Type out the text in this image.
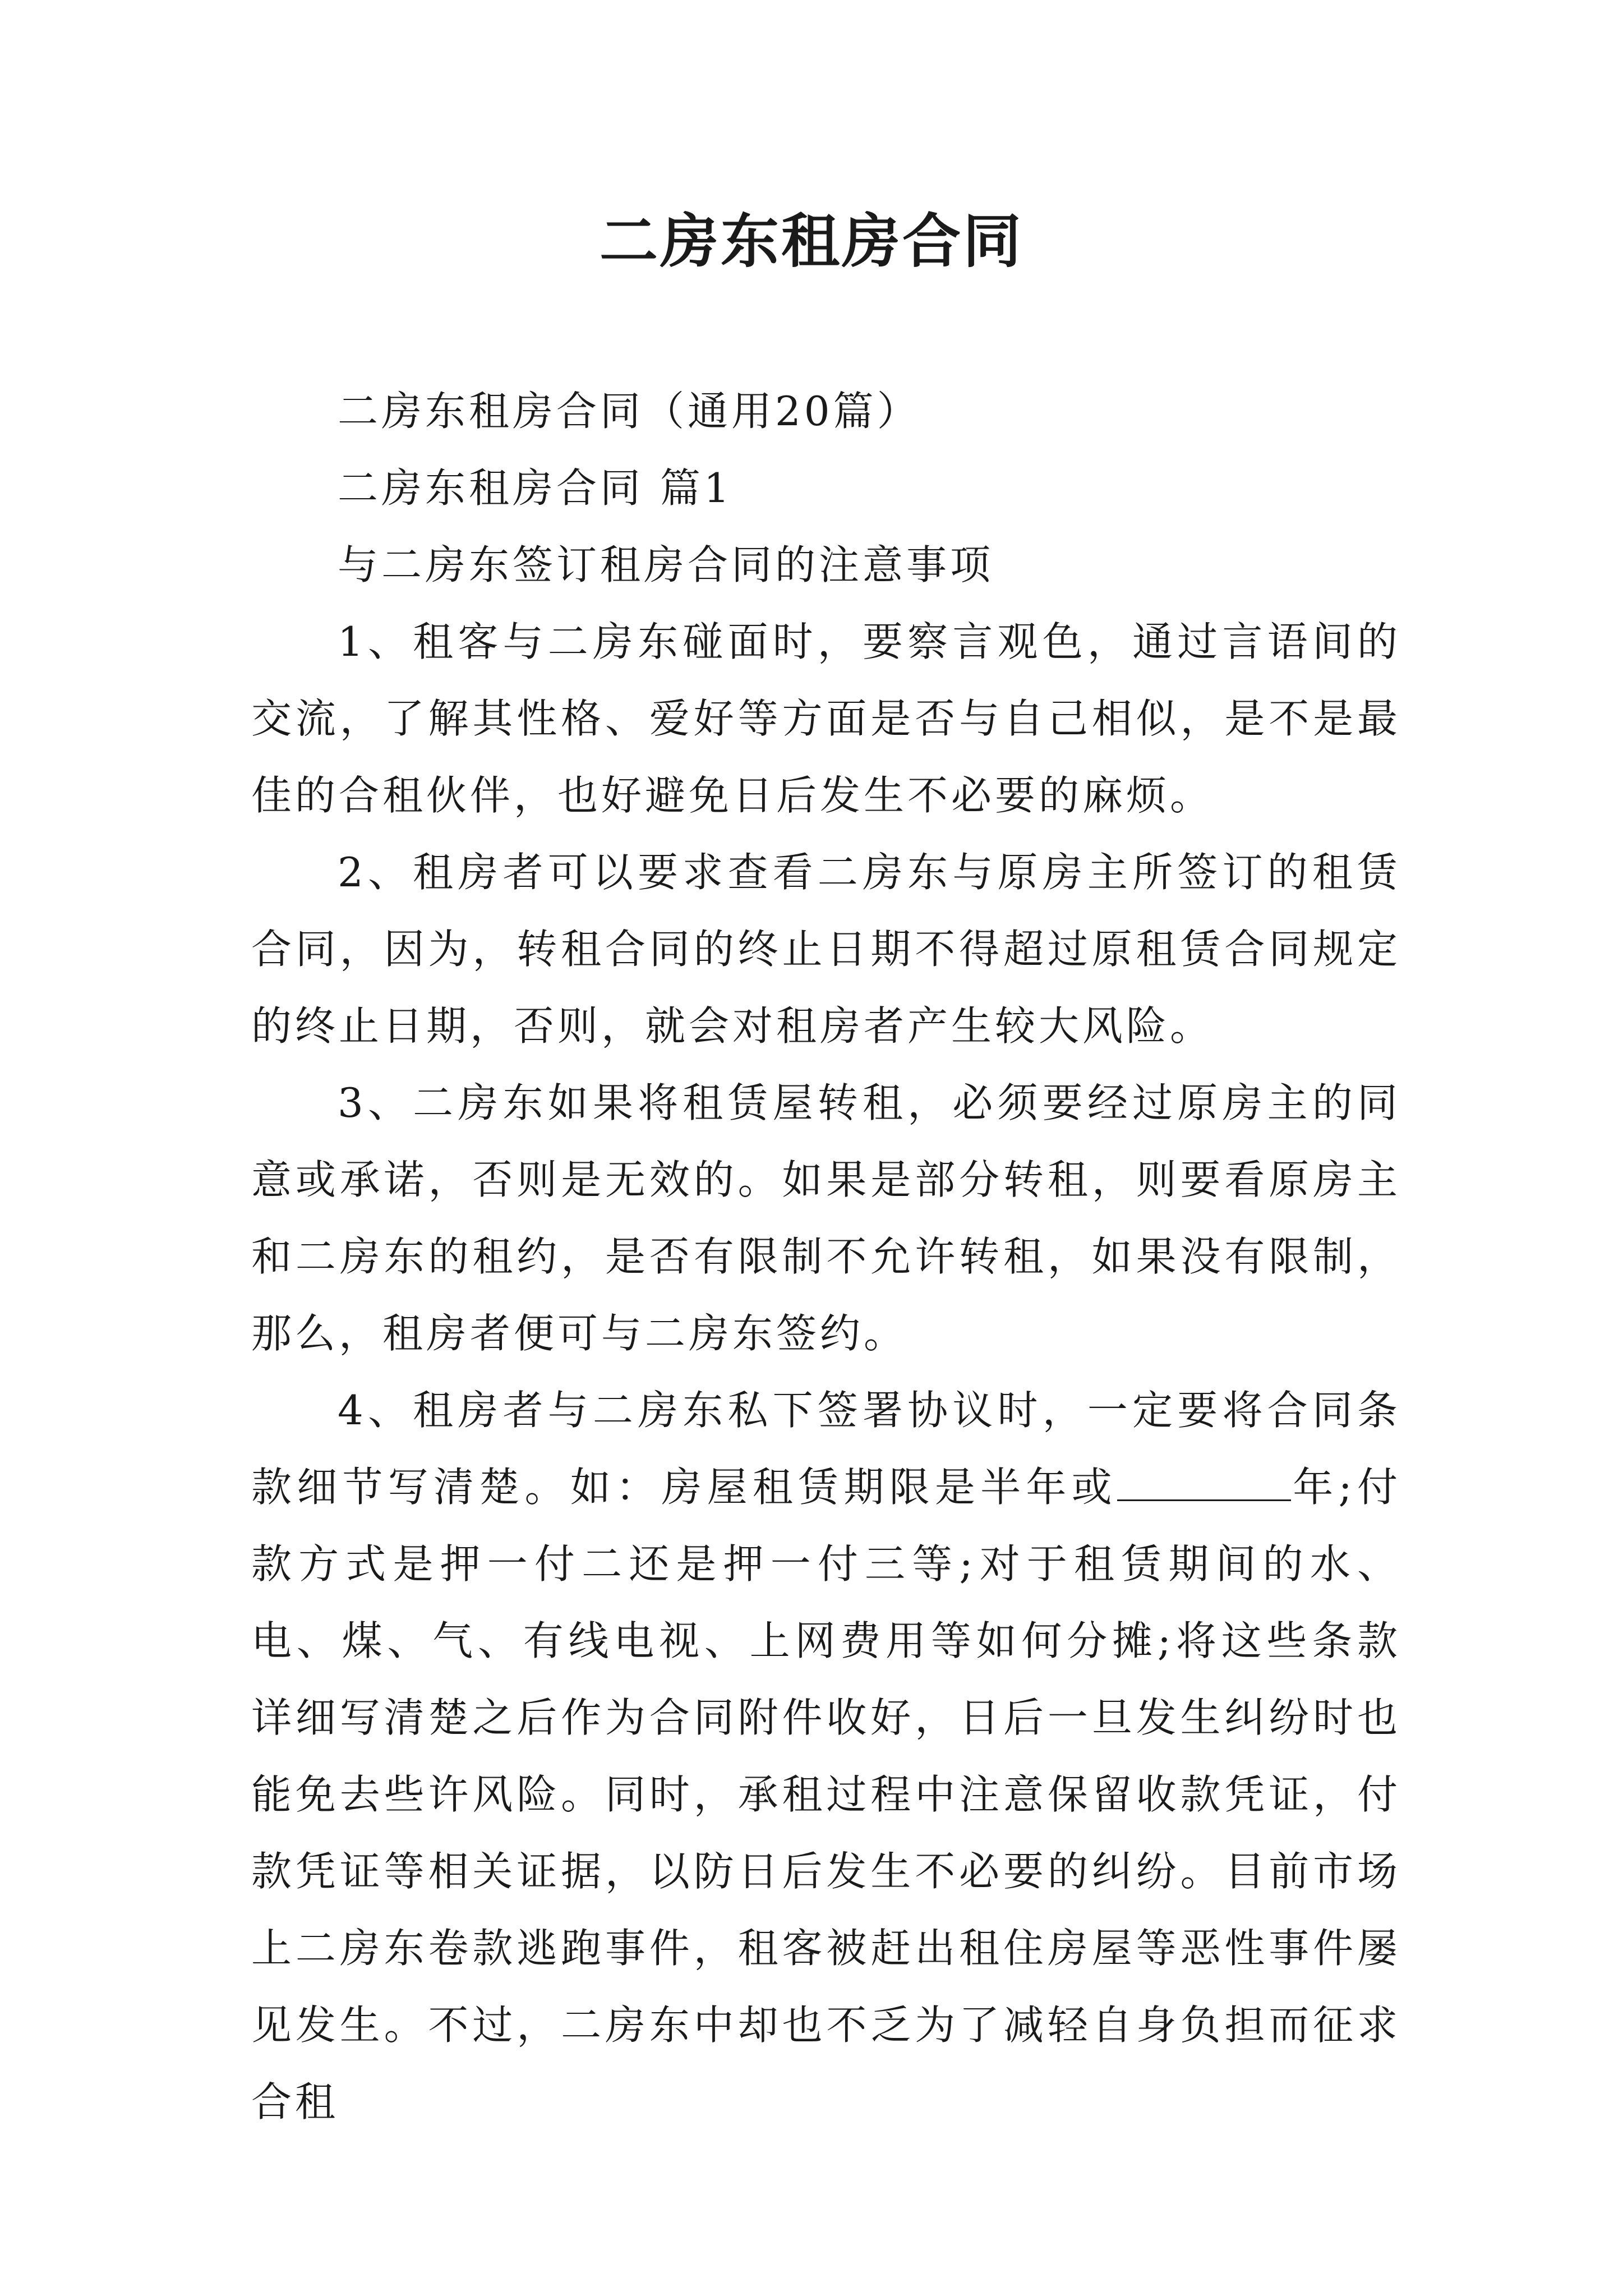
二房东租房合同

二房东租房合同（通用20篇）

二房东租房合同 篇1

与二房东签订租房合同的注意事项

1、租客与二房东碰面时，要察言观色，通过言语间的交流，了解其性格、爱好等方面是否与自己相似，是不是最佳的合租伙伴，也好避免日后发生不必要的麻烦。

2、租房者可以要求查看二房东与原房主所签订的租赁合同，因为，转租合同的终止日期不得超过原租赁合同规定的终止日期，否则，就会对租房者产生较大风险。

3、二房东如果将租赁屋转租，必须要经过原房主的同意或承诺，否则是无效的。如果是部分转租，则要看原房主和二房东的租约，是否有限制不允许转租，如果没有限制，那么，租房者便可与二房东签约。

4、租房者与二房东私下签署协议时，一定要将合同条款细节写清楚。如：房屋租赁期限是半年或	年;付款方式是押一付二还是押一付三等;对于租赁期间的水、电、煤、气、有线电视、上网费用等如何分摊;将这些条款详细写清楚之后作为合同附件收好，日后一旦发生纠纷时也能免去些许风险。同时，承租过程中注意保留收款凭证，付款凭证等相关证据，以防日后发生不必要的纠纷。目前市场上二房东卷款逃跑事件，租客被赶出租住房屋等恶性事件屡见发生。不过，二房东中却也不乏为了减轻自身负担而征求合租
